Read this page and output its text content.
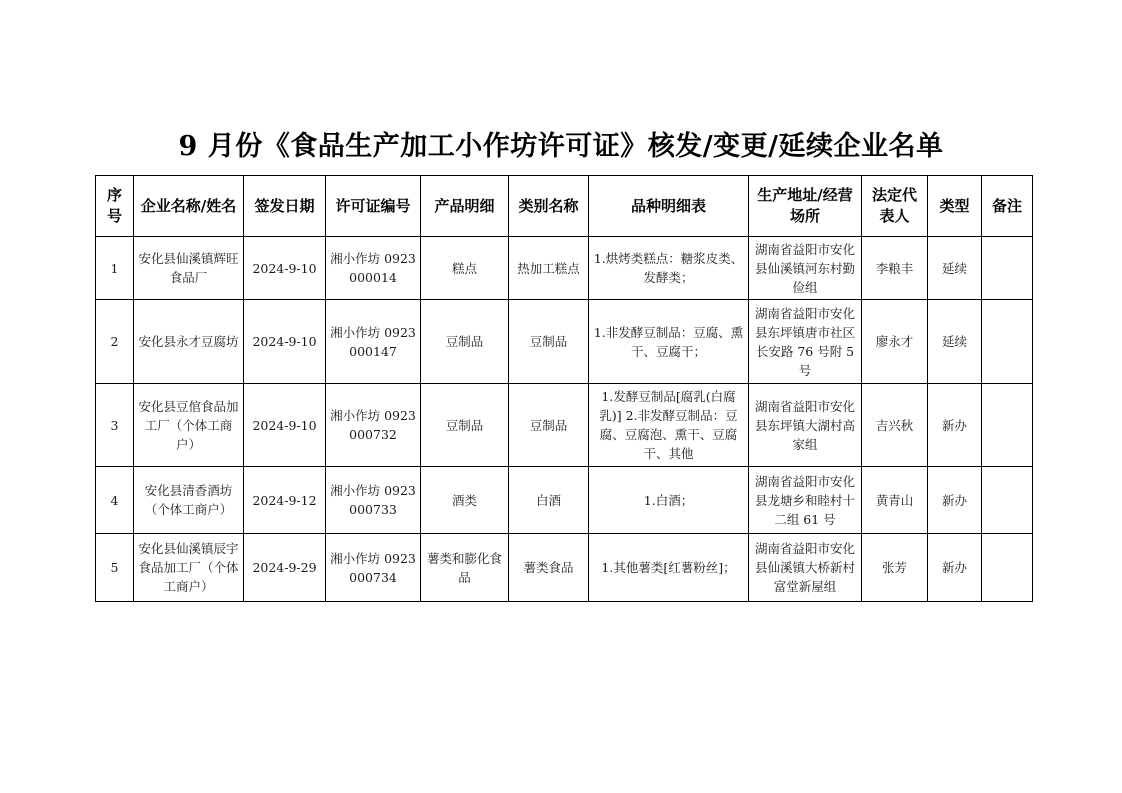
9 月份《食品生产加工小作坊许可证》核发/变更/延续企业名单
序号	企业名称/姓名	签发日期	许可证编号	产品明细	类别名称	品种明细表	生产地址/经营场所	法定代表人	类型	备注
1	安化县仙溪镇辉旺食品厂	2024-9-10	湘小作坊 0923000014	糕点	热加工糕点	1.烘烤类糕点：糖浆皮类、发酵类；	湖南省益阳市安化县仙溪镇河东村勤俭组	李粮丰	延续	
2	安化县永才豆腐坊	2024-9-10	湘小作坊 0923000147	豆制品	豆制品	1.非发酵豆制品：豆腐、熏干、豆腐干；	湖南省益阳市安化县东坪镇唐市社区长安路 76 号附 5 号	廖永才	延续	
3	安化县豆倌食品加工厂（个体工商户）	2024-9-10	湘小作坊 0923000732	豆制品	豆制品	1.发酵豆制品[腐乳(白腐乳)] 2.非发酵豆制品：豆腐、豆腐泡、熏干、豆腐干、其他	湖南省益阳市安化县东坪镇大湖村高家组	吉兴秋	新办	
4	安化县清香酒坊（个体工商户）	2024-9-12	湘小作坊 0923000733	酒类	白酒	1.白酒；	湖南省益阳市安化县龙塘乡和睦村十二组 61 号	黄青山	新办	
5	安化县仙溪镇辰宇食品加工厂（个体工商户）	2024-9-29	湘小作坊 0923000734	薯类和膨化食品	薯类食品	1.其他薯类[红薯粉丝]；	湖南省益阳市安化县仙溪镇大桥新村富堂新屋组	张芳	新办	
